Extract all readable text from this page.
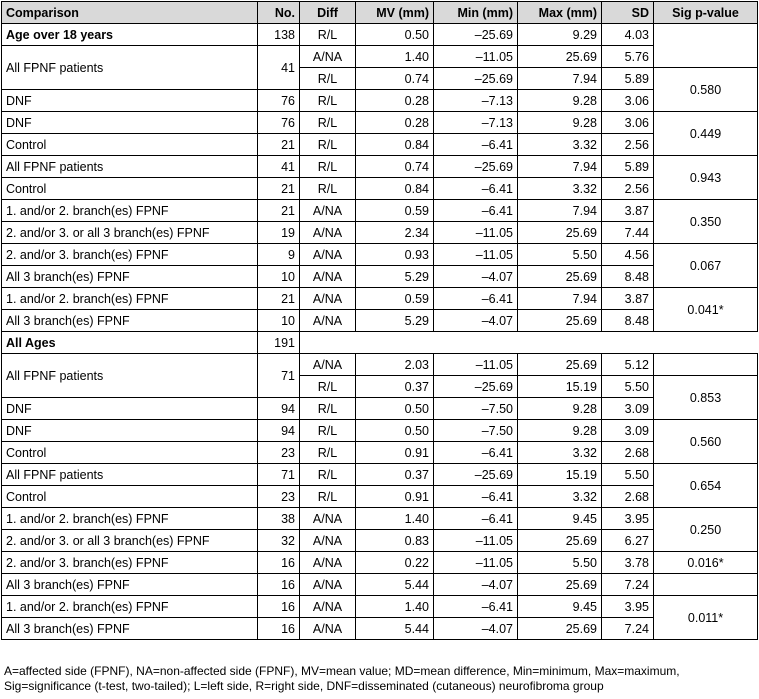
Comparison	No.	Diff	MV (mm)	Min (mm)	Max (mm)	SD	Sig p-value
Age over 18 years	138	R/L	0.50	–25.69	9.29	4.03	
All FPNF patients	41	A/NA	1.40	–11.05	25.69	5.76	
		R/L	0.74	–25.69	7.94	5.89	0.580
DNF	76	R/L	0.28	–7.13	9.28	3.06	
DNF	76	R/L	0.28	–7.13	9.28	3.06	0.449
Control	21	R/L	0.84	–6.41	3.32	2.56	
All FPNF patients	41	R/L	0.74	–25.69	7.94	5.89	0.943
Control	21	R/L	0.84	–6.41	3.32	2.56	
1. and/or 2. branch(es) FPNF	21	A/NA	0.59	–6.41	7.94	3.87	0.350
2. and/or 3. or all 3 branch(es) FPNF	19	A/NA	2.34	–11.05	25.69	7.44	
2. and/or 3. branch(es) FPNF	9	A/NA	0.93	–11.05	5.50	4.56	0.067
All 3 branch(es) FPNF	10	A/NA	5.29	–4.07	25.69	8.48	
1. and/or 2. branch(es) FPNF	21	A/NA	0.59	–6.41	7.94	3.87	0.041*
All 3 branch(es) FPNF	10	A/NA	5.29	–4.07	25.69	8.48	
All Ages	191						
All FPNF patients	71	A/NA	2.03	–11.05	25.69	5.12	
		R/L	0.37	–25.69	15.19	5.50	0.853
DNF	94	R/L	0.50	–7.50	9.28	3.09	
DNF	94	R/L	0.50	–7.50	9.28	3.09	0.560
Control	23	R/L	0.91	–6.41	3.32	2.68	
All FPNF patients	71	R/L	0.37	–25.69	15.19	5.50	0.654
Control	23	R/L	0.91	–6.41	3.32	2.68	
1. and/or 2. branch(es) FPNF	38	A/NA	1.40	–6.41	9.45	3.95	0.250
2. and/or 3. or all 3 branch(es) FPNF	32	A/NA	0.83	–11.05	25.69	6.27	
2. and/or 3. branch(es) FPNF	16	A/NA	0.22	–11.05	5.50	3.78	0.016*
All 3 branch(es) FPNF	16	A/NA	5.44	–4.07	25.69	7.24	
1. and/or 2. branch(es) FPNF	16	A/NA	1.40	–6.41	9.45	3.95	0.011*
All 3 branch(es) FPNF	16	A/NA	5.44	–4.07	25.69	7.24	
A=affected side (FPNF), NA=non-affected side (FPNF), MV=mean value; MD=mean difference, Min=minimum, Max=maximum,
Sig=significance (t-test, two-tailed); L=left side, R=right side, DNF=disseminated (cutaneous) neurofibroma group
